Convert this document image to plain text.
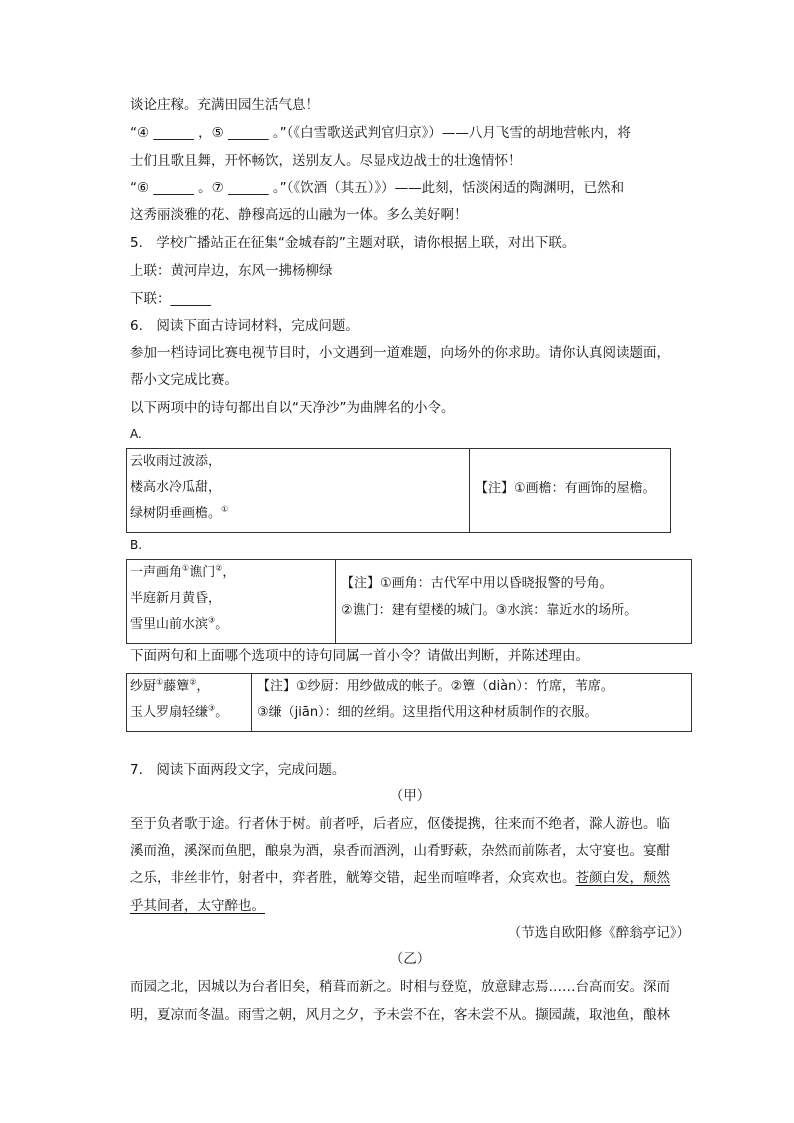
谈论庄稼。充满田园生活气息！
“④ ______ ，⑤ ______ 。”（《白雪歌送武判官归京》）——八月飞雪的胡地营帐内，将
士们且歌且舞，开怀畅饮，送别友人。尽显戍边战士的壮逸情怀！
“⑥ ______ 。⑦ ______ 。”（《饮酒（其五）》）——此刻，恬淡闲适的陶渊明，已然和
这秀丽淡雅的花、静穆高远的山融为一体。多么美好啊！
5.　学校广播站正在征集“金城春韵”主题对联，请你根据上联，对出下联。
上联：黄河岸边，东风一拂杨柳绿
下联：______
6.　阅读下面古诗词材料，完成问题。
参加一档诗词比赛电视节目时，小文遇到一道难题，向场外的你求助。请你认真阅读题面，
帮小文完成比赛。
以下两项中的诗句都出自以“天净沙”为曲牌名的小令。
A.
云收雨过波添，
楼高水冷瓜甜，
绿树阴垂画檐。①
【注】①画檐：有画饰的屋檐。
B.
一声画角①谯门②，
半庭新月黄昏，
雪里山前水滨③。
【注】①画角：古代军中用以昏晓报警的号角。
②谯门：建有望楼的城门。③水滨：靠近水的场所。
下面两句和上面哪个选项中的诗句同属一首小令？请做出判断，并陈述理由。
纱厨①藤簟②，
玉人罗扇轻缣③。
【注】①纱厨：用纱做成的帐子。②簟（diàn）：竹席，苇席。
③缣（jiān）：细的丝绢。这里指代用这种材质制作的衣服。
7.　阅读下面两段文字，完成问题。
（甲）
至于负者歌于途。行者休于树。前者呼，后者应，伛偻提携，往来而不绝者，滁人游也。临
溪而渔，溪深而鱼肥，酿泉为酒，泉香而酒洌，山肴野蔌，杂然而前陈者，太守宴也。宴酣
之乐，非丝非竹，射者中，弈者胜，觥筹交错，起坐而喧哗者，众宾欢也。苍颜白发，颓然
乎其间者，太守醉也。
（节选自欧阳修《醉翁亭记》）
（乙）
而园之北，因城以为台者旧矣，稍葺而新之。时相与登览，放意肆志焉……台高而安。深而
明，夏凉而冬温。雨雪之朝，风月之夕，予未尝不在，客未尝不从。撷园蔬，取池鱼，酿林
